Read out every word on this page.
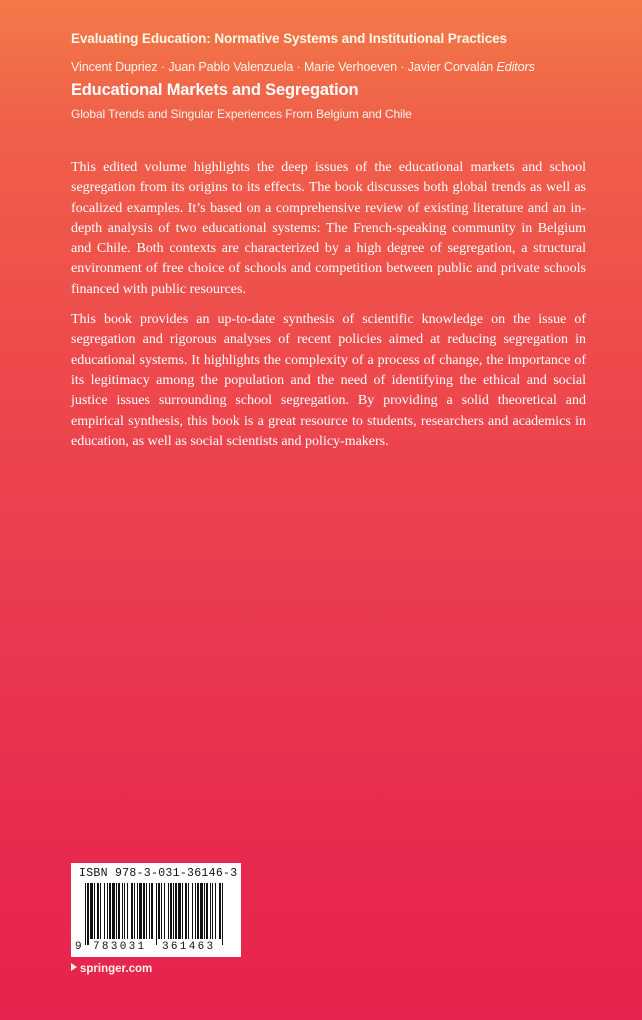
Evaluating Education: Normative Systems and Institutional Practices
Vincent Dupriez · Juan Pablo Valenzuela · Marie Verhoeven · Javier Corvalán Editors
Educational Markets and Segregation
Global Trends and Singular Experiences From Belgium and Chile

This edited volume highlights the deep issues of the educational markets and school segregation from its origins to its effects. The book discusses both global trends as well as focalized examples. It’s based on a comprehensive review of existing literature and an in-depth analysis of two educational systems: The French-speaking community in Belgium and Chile. Both contexts are characterized by a high degree of segregation, a structural environment of free choice of schools and competition between public and private schools financed with public resources.

This book provides an up-to-date synthesis of scientific knowledge on the issue of segregation and rigorous analyses of recent policies aimed at reducing segregation in educational systems. It highlights the complexity of a process of change, the importance of its legitimacy among the population and the need of identifying the ethical and social justice issues surrounding school segregation. By providing a solid theoretical and empirical synthesis, this book is a great resource to students, researchers and academics in education, as well as social scientists and policy-makers.

ISBN 978-3-031-36146-3
9 783031 361463
springer.com
